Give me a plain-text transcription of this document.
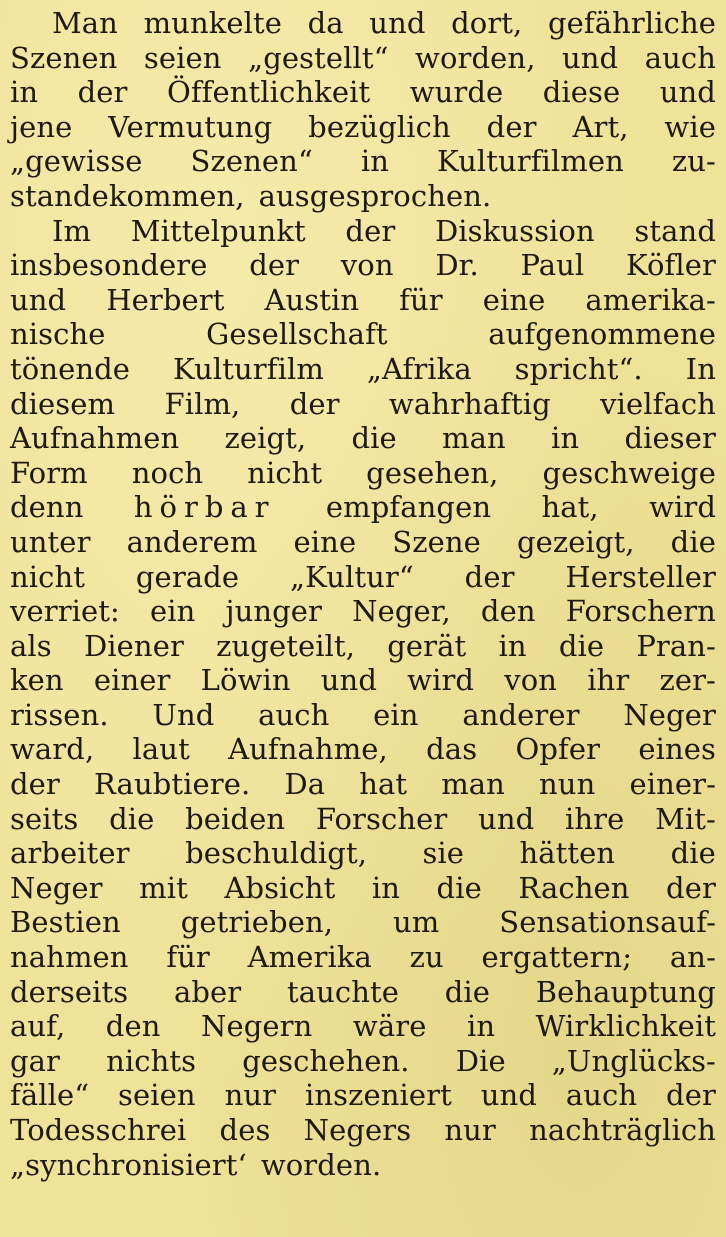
Man munkelte da und dort, gefährliche
Szenen seien „gestellt“ worden, und auch
in der Öffentlichkeit wurde diese und
jene Vermutung bezüglich der Art, wie
„gewisse Szenen“ in Kulturfilmen zu-
standekommen, ausgesprochen.
Im Mittelpunkt der Diskussion stand
insbesondere der von Dr. Paul Köfler
und Herbert Austin für eine amerika-
nische	Gesellschaft	aufgenommene
tönende Kulturfilm „Afrika spricht“. In
diesem Film, der wahrhaftig vielfach
Aufnahmen zeigt, die man in dieser
Form noch nicht gesehen, geschweige
denn hörbar empfangen hat, wird
unter anderem eine Szene gezeigt, die
nicht gerade „Kultur“ der Hersteller
verriet: ein junger Neger, den Forschern
als Diener zugeteilt, gerät in die Pran-
ken einer Löwin und wird von ihr zer-
rissen. Und auch ein anderer Neger
ward, laut Aufnahme, das Opfer eines
der Raubtiere. Da hat man nun einer-
seits die beiden Forscher und ihre Mit-
arbeiter beschuldigt, sie hätten die
Neger mit Absicht in die Rachen der
Bestien getrieben, um Sensationsauf-
nahmen für Amerika zu ergattern; an-
derseits aber tauchte die Behauptung
auf, den Negern wäre in Wirklichkeit
gar nichts geschehen. Die „Unglücks-
fälle“ seien nur inszeniert und auch der
Todesschrei des Negers nur nachträglich
„synchronisiert‘ worden.
